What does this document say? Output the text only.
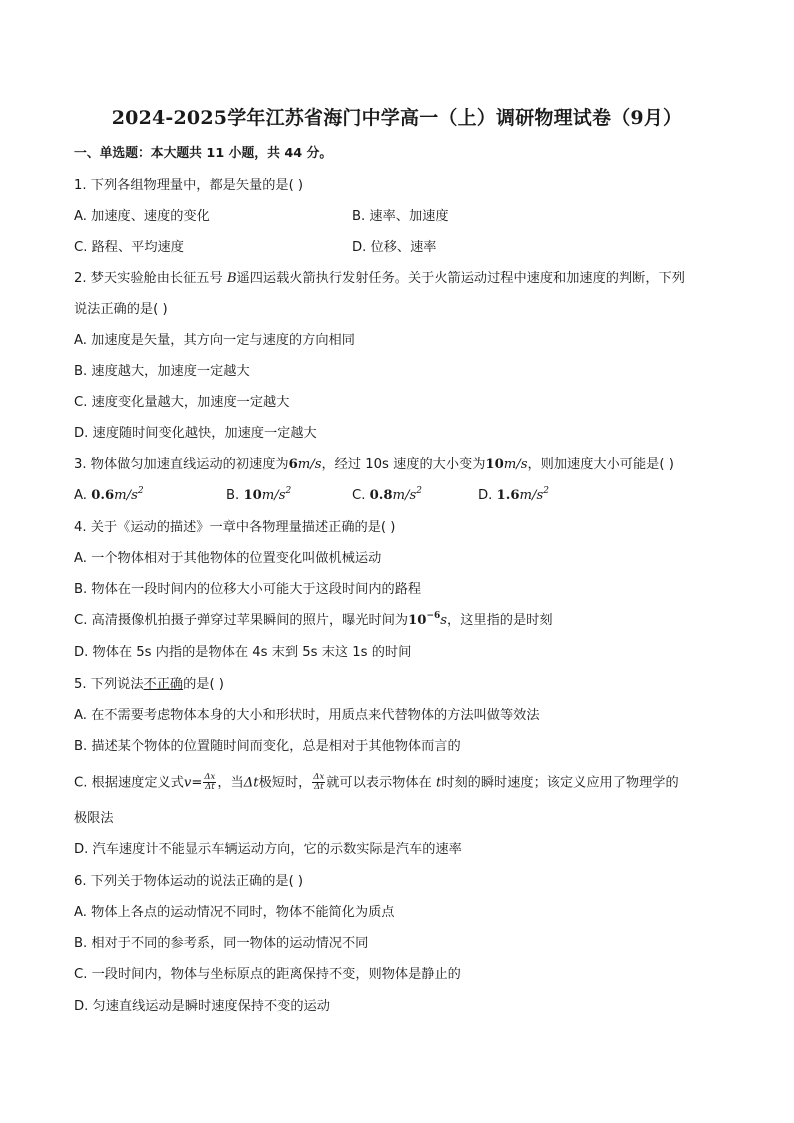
2024-2025学年江苏省海门中学高一（上）调研物理试卷（9月）
一、单选题：本大题共 11 小题，共 44 分。
1. 下列各组物理量中，都是矢量的是( )
A. 加速度、速度的变化	B. 速率、加速度
C. 路程、平均速度	D. 位移、速率
2. 梦天实验舱由长征五号 B遥四运载火箭执行发射任务。关于火箭运动过程中速度和加速度的判断，下列
说法正确的是( )
A. 加速度是矢量，其方向一定与速度的方向相同
B. 速度越大，加速度一定越大
C. 速度变化量越大，加速度一定越大
D. 速度随时间变化越快，加速度一定越大
3. 物体做匀加速直线运动的初速度为6m/s，经过 10s 速度的大小变为10m/s，则加速度大小可能是( )
A. $0.6m/s^2$	B. $10m/s^2$	C. $0.8m/s^2$	D. $1.6m/s^2$
4. 关于《运动的描述》一章中各物理量描述正确的是( )
A. 一个物体相对于其他物体的位置变化叫做机械运动
B. 物体在一段时间内的位移大小可能大于这段时间内的路程
C. 高清摄像机拍摄子弹穿过苹果瞬间的照片，曝光时间为$10^{-6}s$，这里指的是时刻
D. 物体在 5s 内指的是物体在 4s 末到 5s 末这 1s 的时间
5. 下列说法不正确的是( )
A. 在不需要考虑物体本身的大小和形状时，用质点来代替物体的方法叫做等效法
B. 描述某个物体的位置随时间而变化，总是相对于其他物体而言的
C. 根据速度定义式$v= \frac{\Delta x}{\Delta t}$ ，当Δt极短时， $\frac{\Delta x}{\Delta t}$ 就可以表示物体在 t时刻的瞬时速度；该定义应用了物理学的
极限法
D. 汽车速度计不能显示车辆运动方向，它的示数实际是汽车的速率
6. 下列关于物体运动的说法正确的是( )
A. 物体上各点的运动情况不同时，物体不能简化为质点
B. 相对于不同的参考系，同一物体的运动情况不同
C. 一段时间内，物体与坐标原点的距离保持不变，则物体是静止的
D. 匀速直线运动是瞬时速度保持不变的运动
